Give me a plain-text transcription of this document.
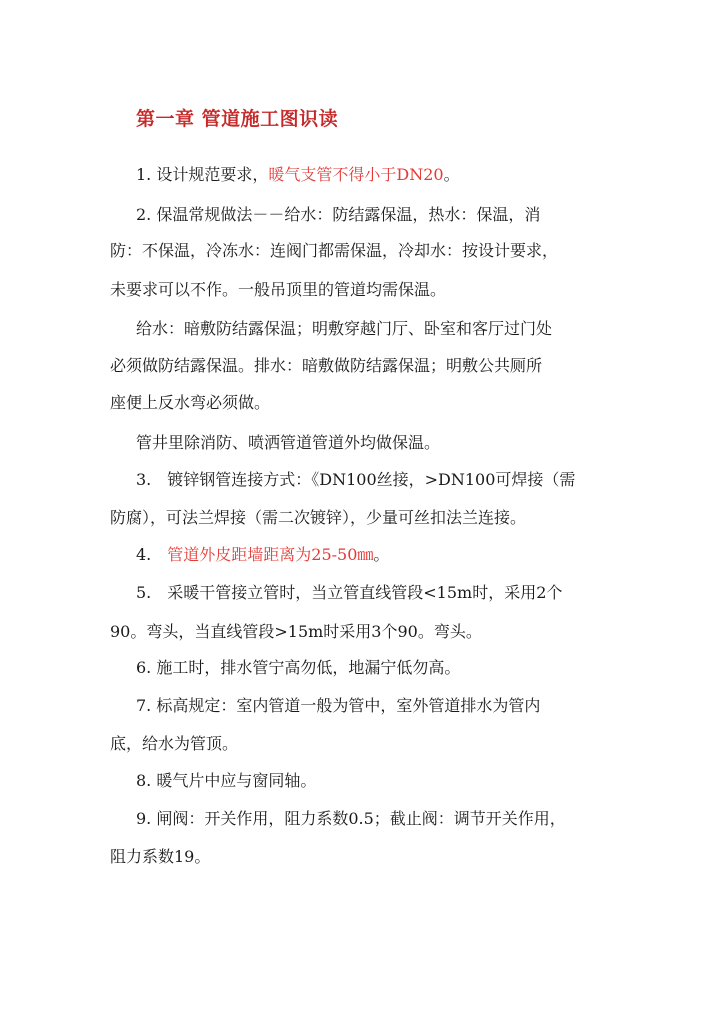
第一章 管道施工图识读
1. 设计规范要求，暖气支管不得小于DN20。
2. 保温常规做法－－给水：防结露保温，热水：保温，消
防：不保温，冷冻水：连阀门都需保温，冷却水：按设计要求，
未要求可以不作。一般吊顶里的管道均需保温。
给水：暗敷防结露保温；明敷穿越门厅、卧室和客厅过门处
必须做防结露保温。排水：暗敷做防结露保温；明敷公共厕所
座便上反水弯必须做。
管井里除消防、喷洒管道管道外均做保温。
3.　镀锌钢管连接方式：《DN100丝接，>DN100可焊接（需
防腐），可法兰焊接（需二次镀锌），少量可丝扣法兰连接。
4.　管道外皮距墙距离为25-50㎜。
5.　采暖干管接立管时，当立管直线管段<15m时，采用2个
90。弯头，当直线管段>15m时采用3个90。弯头。
6. 施工时，排水管宁高勿低，地漏宁低勿高。
7. 标高规定：室内管道一般为管中，室外管道排水为管内
底，给水为管顶。
8. 暖气片中应与窗同轴。
9. 闸阀：开关作用，阻力系数0.5；截止阀：调节开关作用，
阻力系数19。
